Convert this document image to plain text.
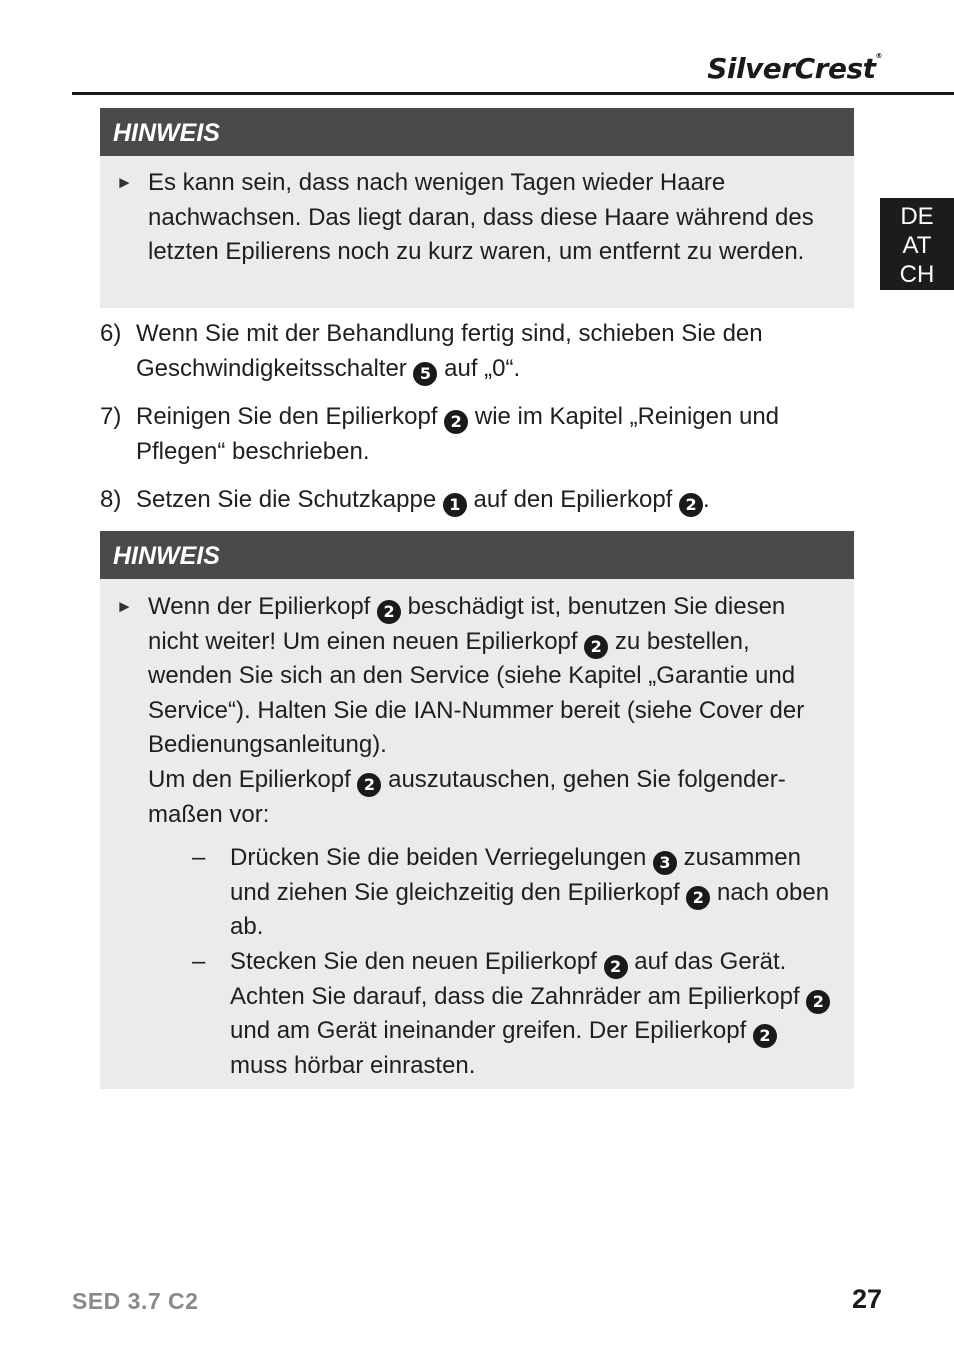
SilverCrest®
DE
AT
CH
HINWEIS
► Es kann sein, dass nach wenigen Tagen wieder Haare nachwachsen. Das liegt daran, dass diese Haare während des letzten Epilierens noch zu kurz waren, um entfernt zu werden.
6) Wenn Sie mit der Behandlung fertig sind, schieben Sie den Geschwindigkeitsschalter 5 auf „0“.
7) Reinigen Sie den Epilierkopf 2 wie im Kapitel „Reinigen und Pflegen“ beschrieben.
8) Setzen Sie die Schutzkappe 1 auf den Epilierkopf 2 .
HINWEIS
► Wenn der Epilierkopf 2 beschädigt ist, benutzen Sie diesen nicht weiter! Um einen neuen Epilierkopf 2 zu bestellen, wenden Sie sich an den Service (siehe Kapitel „Garantie und Service“). Halten Sie die IAN-Nummer bereit (siehe Cover der Bedienungsanleitung).
Um den Epilierkopf 2 auszutauschen, gehen Sie folgender-maßen vor:
– Drücken Sie die beiden Verriegelungen 3 zusammen und ziehen Sie gleichzeitig den Epilierkopf 2 nach oben ab.
– Stecken Sie den neuen Epilierkopf 2 auf das Gerät. Achten Sie darauf, dass die Zahnräder am Epilierkopf 2 und am Gerät ineinander greifen. Der Epilierkopf 2 muss hörbar einrasten.
SED 3.7 C2	27
